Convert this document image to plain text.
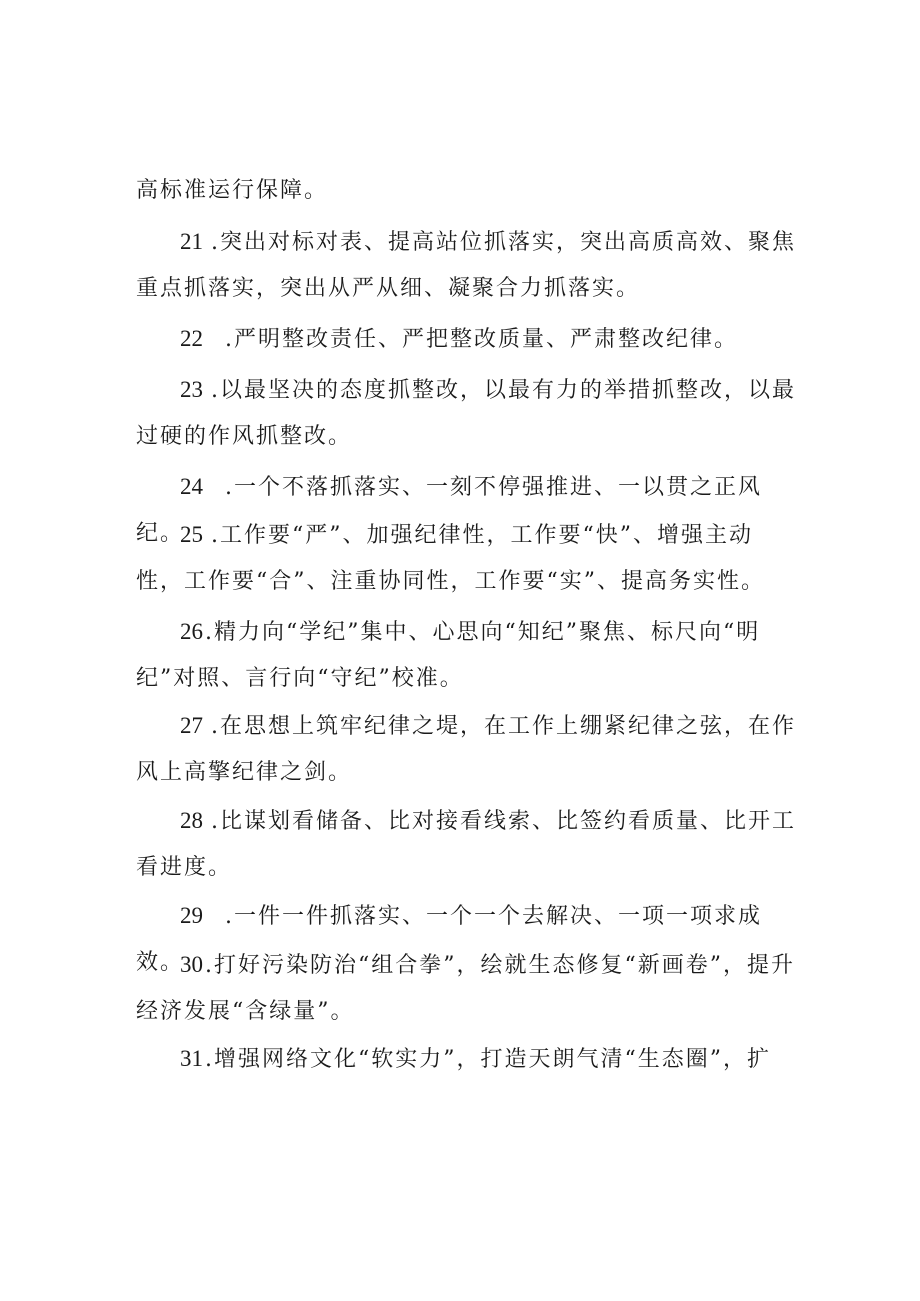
高标准运行保障。

21 .突出对标对表、提高站位抓落实，突出高质高效、聚焦重点抓落实，突出从严从细、凝聚合力抓落实。

22 .严明整改责任、严把整改质量、严肃整改纪律。

23 .以最坚决的态度抓整改，以最有力的举措抓整改，以最过硬的作风抓整改。

24 .一个不落抓落实、一刻不停强推进、一以贯之正风纪。

25 .工作要“严”、加强纪律性，工作要“快”、增强主动性，工作要“合”、注重协同性，工作要“实”、提高务实性。

26.精力向“学纪”集中、心思向“知纪”聚焦、标尺向“明纪”对照、言行向“守纪”校准。

27 .在思想上筑牢纪律之堤，在工作上绷紧纪律之弦，在作风上高擎纪律之剑。

28 .比谋划看储备、比对接看线索、比签约看质量、比开工看进度。

29 .一件一件抓落实、一个一个去解决、一项一项求成效。

30.打好污染防治“组合拳”，绘就生态修复“新画卷”，提升经济发展“含绿量”。

31.增强网络文化“软实力”，打造天朗气清“生态圈”，扩
